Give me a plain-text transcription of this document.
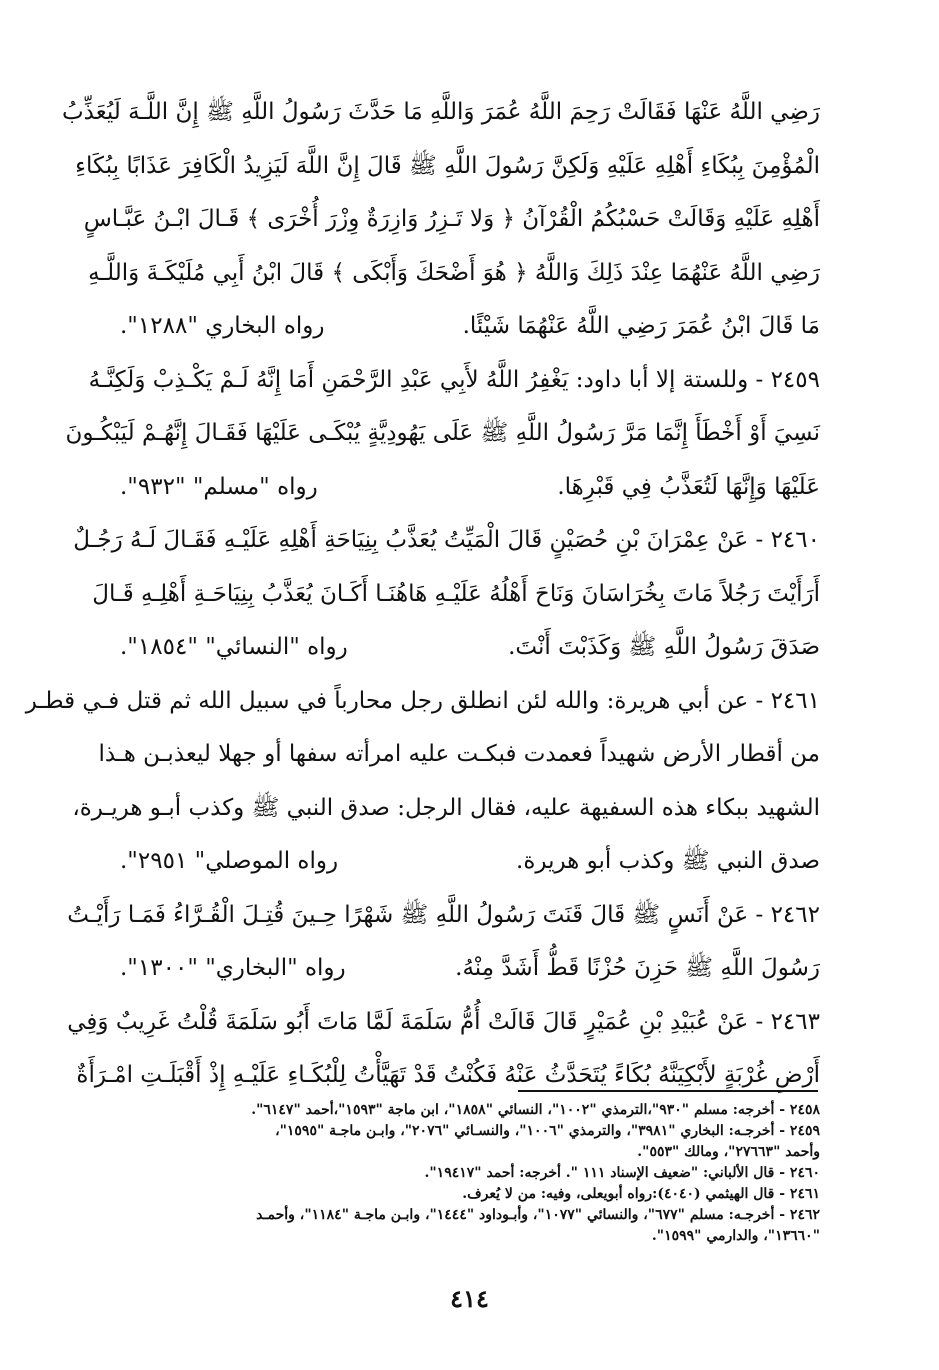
رَضِي اللَّهُ عَنْهَا فَقَالَتْ رَحِمَ اللَّهُ عُمَرَ وَاللَّهِ مَا حَدَّثَ رَسُولُ اللَّهِ ﷺ إِنَّ اللَّـهَ لَيُعَذِّبُ
الْمُؤْمِنَ بِبُكَاءِ أَهْلِهِ عَلَيْهِ وَلَكِنَّ رَسُولَ اللَّهِ ﷺ قَالَ إِنَّ اللَّهَ لَيَزِيدُ الْكَافِرَ عَذَابًا بِبُكَاءِ
أَهْلِهِ عَلَيْهِ وَقَالَتْ حَسْبُكُمُ الْقُرْآنُ ﴿ وَلا تَـزِرُ وَازِرَةٌ وِزْرَ أُخْرَى ﴾ قَـالَ ابْـنُ عَبَّـاسٍ
رَضِي اللَّهُ عَنْهُمَا عِنْدَ ذَلِكَ وَاللَّهُ ﴿ هُوَ أَضْحَكَ وَأَبْكَى ﴾ قَالَ ابْنُ أَبِي مُلَيْكَـةَ وَاللَّـهِ
مَا قَالَ ابْنُ عُمَرَ رَضِي اللَّهُ عَنْهُمَا شَيْئًا.
رواه البخاري "١٢٨٨".
٢٤٥٩ - وللستة إلا أبا داود: يَغْفِرُ اللَّهُ لأَبِي عَبْدِ الرَّحْمَنِ أَمَا إِنَّهُ لَـمْ يَكْـذِبْ وَلَكِنَّـهُ
نَسِيَ أَوْ أَخْطَأَ إِنَّمَا مَرَّ رَسُولُ اللَّهِ ﷺ عَلَى يَهُودِيَّةٍ يُبْكَـى عَلَيْهَا فَقَـالَ إِنَّهُـمْ لَيَبْكُـونَ
عَلَيْهَا وَإِنَّهَا لَتُعَذَّبُ فِي قَبْرِهَا.
رواه "مسلم" "٩٣٢".
٢٤٦٠ - عَنْ عِمْرَانَ بْنِ حُصَيْنٍ قَالَ الْمَيِّتُ يُعَذَّبُ بِنِيَاحَةِ أَهْلِهِ عَلَيْـهِ فَقَـالَ لَـهُ رَجُـلٌ
أَرَأَيْتَ رَجُلاً مَاتَ بِخُرَاسَانَ وَنَاحَ أَهْلُهُ عَلَيْـهِ هَاهُنَـا أَكَـانَ يُعَذَّبُ بِنِيَاحَـةِ أَهْلِـهِ قَـالَ
صَدَقَ رَسُولُ اللَّهِ ﷺ وَكَذَبْتَ أَنْتَ.
رواه "النسائي" "١٨٥٤".
٢٤٦١ - عن أبي هريرة: والله لئن انطلق رجل محارباً في سبيل الله ثم قتل فـي قطـر
من أقطار الأرض شهيداً فعمدت فبكـت عليه امرأته سفها أو جهلا ليعذبـن هـذا
الشهيد ببكاء هذه السفيهة عليه، فقال الرجل: صدق النبي ﷺ وكذب أبـو هريـرة،
صدق النبي ﷺ وكذب أبو هريرة.
رواه الموصلي" ٢٩٥١".
٢٤٦٢ - عَنْ أَنَسٍ ﷺ قَالَ قَنَتَ رَسُولُ اللَّهِ ﷺ شَهْرًا حِـينَ قُتِـلَ الْقُـرَّاءُ فَمَـا رَأَيْـتُ
رَسُولَ اللَّهِ ﷺ حَزِنَ حُزْنًا قَطُّ أَشَدَّ مِنْهُ.
رواه "البخاري" "١٣٠٠".
٢٤٦٣ - عَنْ عُبَيْدِ بْنِ عُمَيْرٍ قَالَ قَالَتْ أُمُّ سَلَمَةَ لَمَّا مَاتَ أَبُو سَلَمَةَ قُلْتُ غَرِيبٌ وَفِي
أَرْضِ غُرْبَةٍ لأَبْكِيَنَّهُ بُكَاءً يُتَحَدَّثُ عَنْهُ فَكُنْتُ قَدْ تَهَيَّأْتُ لِلْبُكَـاءِ عَلَيْـهِ إِذْ أَقْبَلَـتِ امْـرَأَةٌ
٢٤٥٨ - أخرجه: مسلم "٩٣٠"،الترمذي "١٠٠٢"، النسائي "١٨٥٨"، ابن ماجة "١٥٩٣"،أحمد "٦١٤٧".
٢٤٥٩ - أخرجـه: البخاري "٣٩٨١"، والترمذي "١٠٠٦"، والنسـائي "٢٠٧٦"، وابـن ماجـة "١٥٩٥"،
وأحمد "٢٧٦٦٣"، ومالك "٥٥٣".
٢٤٦٠ - قال الألباني: "ضعيف الإسناد ١١١ ". أخرجه: أحمد "١٩٤١٧".
٢٤٦١ - قال الهيثمي (٤٠٤٠):رواه أبويعلى، وفيه: من لا يُعرف.
٢٤٦٢ - أخرجـه: مسلم "٦٧٧"، والنسائي "١٠٧٧"، وأبـوداود "١٤٤٤"، وابـن ماجـة "١١٨٤"، وأحمـد
"١٣٦٦٠"، والدارمي "١٥٩٩".
٤١٤
